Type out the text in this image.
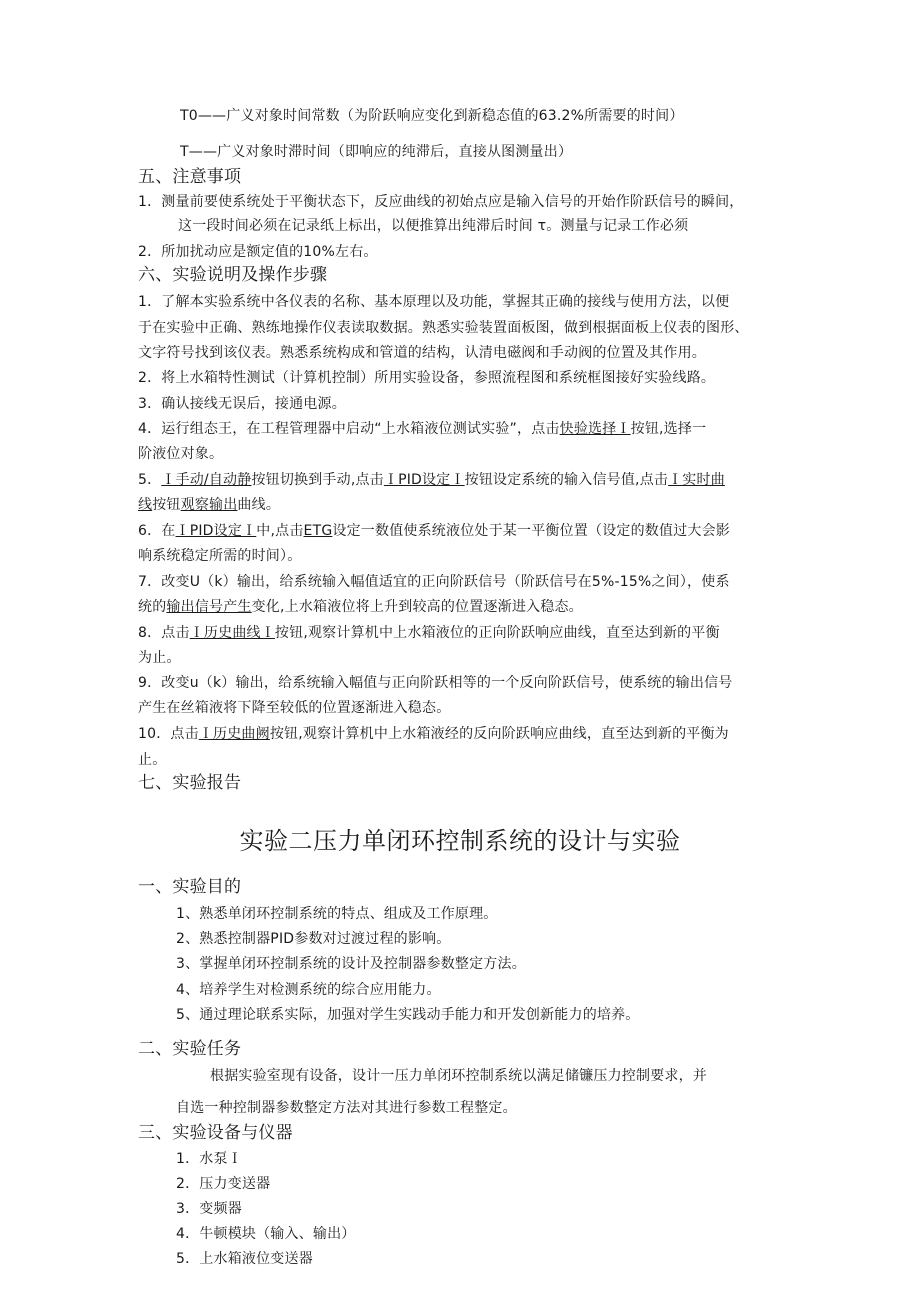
T0——广义对象时间常数（为阶跃响应变化到新稳态值的63.2%所需要的时间）
T——广义对象时滞时间（即响应的纯滞后，直接从图测量出）
五、注意事项
1．测量前要使系统处于平衡状态下，反应曲线的初始点应是输入信号的开始作阶跃信号的瞬间，
这一段时间必须在记录纸上标出，以便推算出纯滞后时间 τ。测量与记录工作必须
2．所加扰动应是额定值的10%左右。
六、实验说明及操作步骤
1．了解本实验系统中各仪表的名称、基本原理以及功能，掌握其正确的接线与使用方法，以便
于在实验中正确、熟练地操作仪表读取数据。熟悉实验装置面板图，做到根据面板上仪表的图形、
文字符号找到该仪表。熟悉系统构成和管道的结构，认清电磁阀和手动阀的位置及其作用。
2．将上水箱特性测试（计算机控制）所用实验设备，参照流程图和系统框图接好实验线路。
3．确认接线无误后，接通电源。
4．运行组态王，在工程管理器中启动“上水箱液位测试实验”，点击快验选择Ｉ按钮,选择一
阶液位对象。
5．Ｉ手动/自动静按钮切换到手动,点击ＩPID设定Ｉ按钮设定系统的输入信号值,点击Ｉ实时曲
线按钮观察输出曲线。
6．在ＩPID设定Ｉ中,点击ETG设定一数值使系统液位处于某一平衡位置（设定的数值过大会影
响系统稳定所需的时间）。
7．改变U（k）输出，给系统输入幅值适宜的正向阶跃信号（阶跃信号在5%-15%之间），使系
统的输出信号产生变化,上水箱液位将上升到较高的位置逐渐进入稳态。
8．点击Ｉ历史曲线Ｉ按钮,观察计算机中上水箱液位的正向阶跃响应曲线，直至达到新的平衡
为止。
9．改变u（k）输出，给系统输入幅值与正向阶跃相等的一个反向阶跃信号，使系统的输出信号
产生在丝箱液将下降至较低的位置逐渐进入稳态。
10．点击Ｉ历史曲阙按钮,观察计算机中上水箱液经的反向阶跃响应曲线，直至达到新的平衡为
止。
七、实验报告
实验二压力单闭环控制系统的设计与实验
一、实验目的
1、熟悉单闭环控制系统的特点、组成及工作原理。
2、熟悉控制器PID参数对过渡过程的影响。
3、掌握单闭环控制系统的设计及控制器参数整定方法。
4、培养学生对检测系统的综合应用能力。
5、通过理论联系实际，加强对学生实践动手能力和开发创新能力的培养。
二、实验任务
根据实验室现有设备，设计一压力单闭环控制系统以满足储镰压力控制要求，并
自选一种控制器参数整定方法对其进行参数工程整定。
三、实验设备与仪器
1．水泵Ｉ
2．压力变送器
3．变频器
4．牛顿模块（输入、输出）
5．上水箱液位变送器
